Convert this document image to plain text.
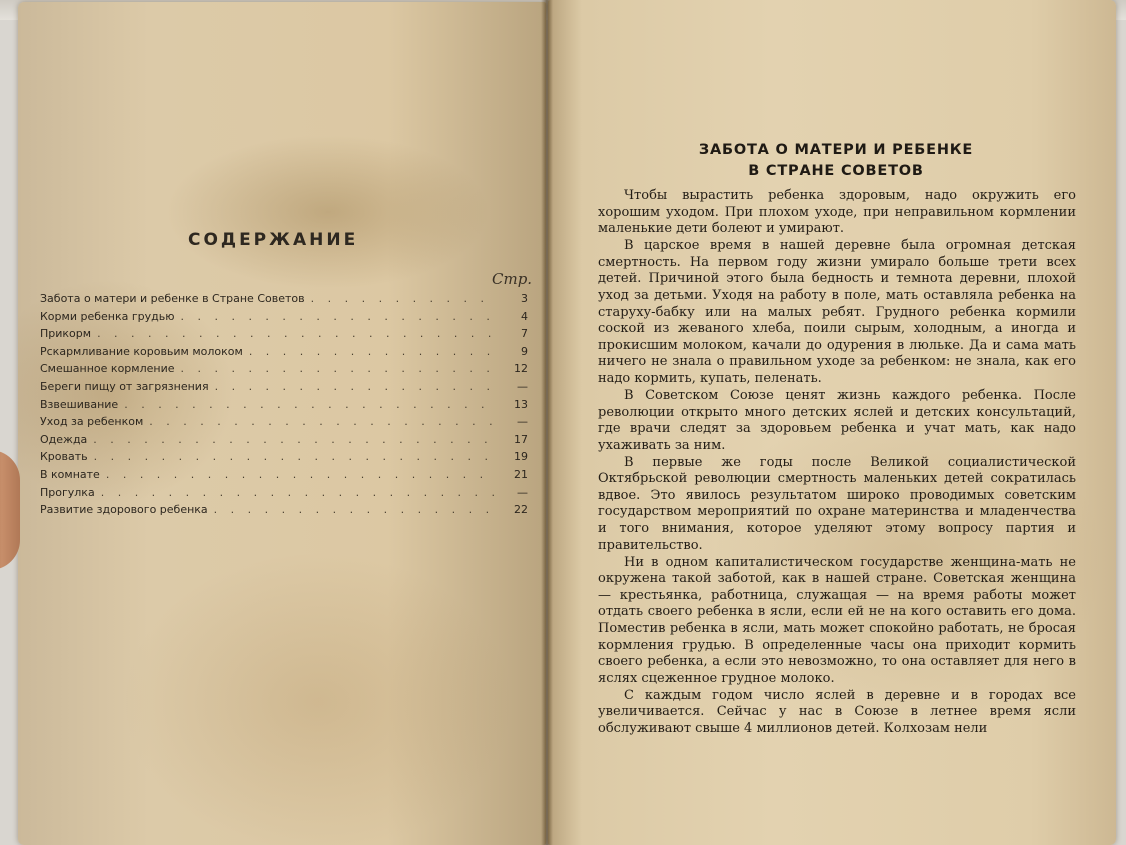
СОДЕРЖАНИЕ
Стр.
Забота о матери и ребенке в Стране Советов . . .	3
Корми ребенка грудью . . .	4
Прикорм . . .	7
Рскармливание коровьим молоком . . .	9
Смешанное кормление . . .	12
Береги пищу от загрязнения . . .	—
Взвешивание . . .	13
Уход за ребенком . . .	—
Одежда . . .	17
Кровать . . .	19
В комнате . . .	21
Прогулка . . .	—
Развитие здорового ребенка . . .	22
ЗАБОТА О МАТЕРИ И РЕБЕНКЕ
В СТРАНЕ СОВЕТОВ

Чтобы вырастить ребенка здоровым, надо окружить его хорошим уходом. При плохом уходе, при неправильном кормлении маленькие дети болеют и умирают.

В царское время в нашей деревне была огромная детская смертность. На первом году жизни умирало больше трети всех детей. Причиной этого была бедность и темнота деревни, плохой уход за детьми. Уходя на работу в поле, мать оставляла ребенка на старуху-бабку или на малых ребят. Грудного ребенка кормили соской из жеваного хлеба, поили сырым, холодным, а иногда и прокисшим молоком, качали до одурения в люльке. Да и сама мать ничего не знала о правильном уходе за ребенком: не знала, как его надо кормить, купать, пеленать.

В Советском Союзе ценят жизнь каждого ребенка. После революции открыто много детских яслей и детских консультаций, где врачи следят за здоровьем ребенка и учат мать, как надо ухаживать за ним.

В первые же годы после Великой социалистической Октябрьской революции смертность маленьких детей сократилась вдвое. Это явилось результатом широко проводимых советским государством мероприятий по охране материнства и младенчества и того внимания, которое уделяют этому вопросу партия и правительство.

Ни в одном капиталистическом государстве женщина-мать не окружена такой заботой, как в нашей стране. Советская женщина — крестьянка, работница, служащая — на время работы может отдать своего ребенка в ясли, если ей не на кого оставить его дома. Поместив ребенка в ясли, мать может спокойно работать, не бросая кормления грудью. В определенные часы она приходит кормить своего ребенка, а если это невозможно, то она оставляет для него в яслях сцеженное грудное молоко.

С каждым годом число яслей в деревне и в городах все увеличивается. Сейчас у нас в Союзе в летнее время ясли обслуживают свыше 4 миллионов детей. Колхозам нели
